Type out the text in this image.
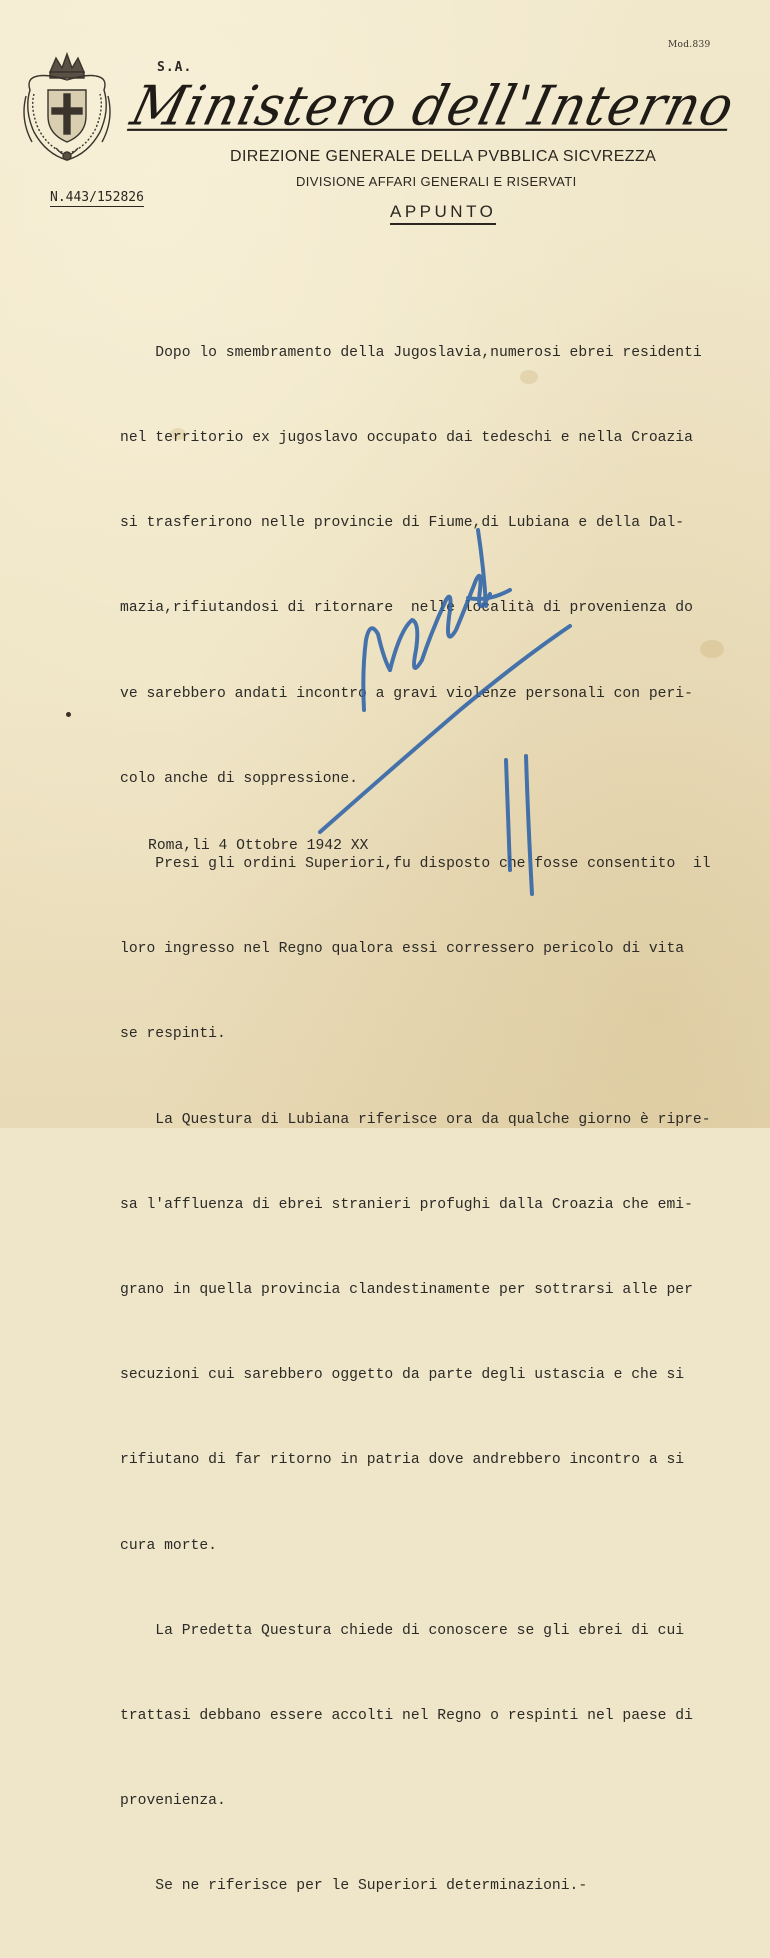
Mod.839
S.A.
Ministero dell'Interno
DIREZIONE GENERALE DELLA PVBBLICA SICVREZZA
DIVISIONE AFFARI GENERALI E RISERVATI
N.443/152826
APPUNTO

Dopo lo smembramento della Jugoslavia,numerosi ebrei residenti

nel territorio ex jugoslavo occupato dai tedeschi e nella Croazia

si trasferirono nelle provincie di Fiume,di Lubiana e della Dal-

mazia,rifiutandosi di ritornare  nelle località di provenienza do

ve sarebbero andati incontro a gravi violenze personali con peri-

colo anche di soppressione.

Presi gli ordini Superiori,fu disposto che fosse consentito  il

loro ingresso nel Regno qualora essi corressero pericolo di vita

se respinti.

La Questura di Lubiana riferisce ora da qualche giorno è ripre-

sa l'affluenza di ebrei stranieri profughi dalla Croazia che emi-

grano in quella provincia clandestinamente per sottrarsi alle per

secuzioni cui sarebbero oggetto da parte degli ustascia e che si

rifiutano di far ritorno in patria dove andrebbero incontro a si

cura morte.

La Predetta Questura chiede di conoscere se gli ebrei di cui

trattasi debbano essere accolti nel Regno o respinti nel paese di

provenienza.

Se ne riferisce per le Superiori determinazioni.-

Roma,li 4 Ottobre 1942 XX
